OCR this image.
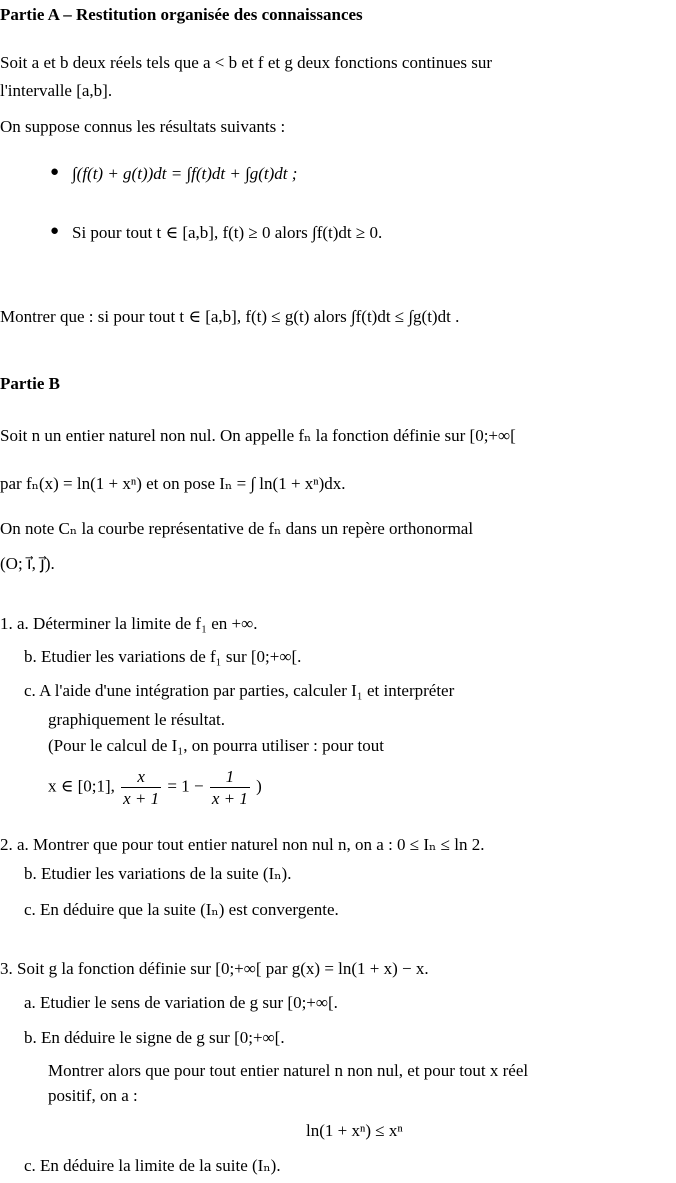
Partie A – Restitution organisée des connaissances
Soit a et b deux réels tels que a < b et f et g deux fonctions continues sur
l'intervalle [a,b].
On suppose connus les résultats suivants :
● ∫(f(t) + g(t))dt = ∫f(t)dt + ∫g(t)dt ;
● Si pour tout t ∈ [a,b], f(t) ≥ 0 alors ∫f(t)dt ≥ 0.
Montrer que : si pour tout t ∈ [a,b], f(t) ≤ g(t) alors ∫f(t)dt ≤ ∫g(t)dt .
Partie B
Soit n un entier naturel non nul. On appelle fₙ la fonction définie sur [0;+∞[
par fₙ(x) = ln(1 + xⁿ) et on pose Iₙ = ∫ ln(1 + xⁿ)dx.
On note Cₙ la courbe représentative de fₙ dans un repère orthonormal
(O; i⃗, j⃗).
1. a. Déterminer la limite de f₁ en +∞.
b. Etudier les variations de f₁ sur [0;+∞[.
c. A l'aide d'une intégration par parties, calculer I₁ et interpréter
graphiquement le résultat.
(Pour le calcul de I₁, on pourra utiliser : pour tout
x ∈ [0;1], $\frac{x}{x + 1} = 1 - \frac{1}{x + 1}$ )
2. a. Montrer que pour tout entier naturel non nul n, on a : 0 ≤ Iₙ ≤ ln 2.
b. Etudier les variations de la suite (Iₙ).
c. En déduire que la suite (Iₙ) est convergente.
3. Soit g la fonction définie sur [0;+∞[ par g(x) = ln(1 + x) − x.
a. Etudier le sens de variation de g sur [0;+∞[.
b. En déduire le signe de g sur [0;+∞[.
Montrer alors que pour tout entier naturel n non nul, et pour tout x réel
positif, on a :
ln(1 + xⁿ) ≤ xⁿ
c. En déduire la limite de la suite (Iₙ).
